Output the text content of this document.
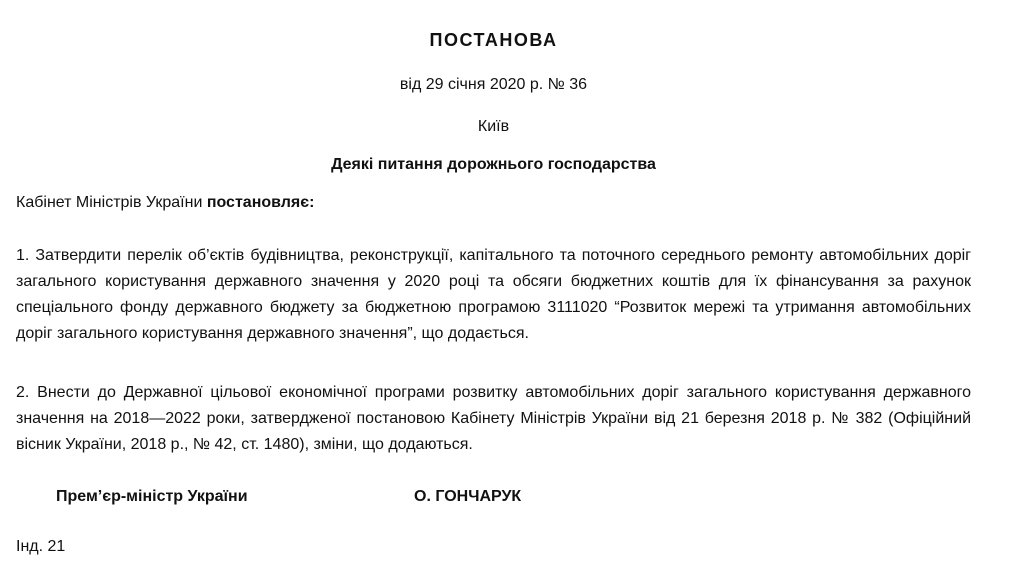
ПОСТАНОВА
від 29 січня 2020 р. № 36
Київ
Деякі питання дорожнього господарства
Кабінет Міністрів України постановляє:
1. Затвердити перелік об’єктів будівництва, реконструкції, капітального та поточного середнього ремонту автомобільних доріг загального користування державного значення у 2020 році та обсяги бюджетних коштів для їх фінансування за рахунок спеціального фонду державного бюджету за бюджетною програмою 3111020 “Розвиток мережі та утримання автомобільних доріг загального користування державного значення”, що додається.
2. Внести до Державної цільової економічної програми розвитку автомобільних доріг загального користування державного значення на 2018—2022 роки, затвердженої постановою Кабінету Міністрів України від 21 березня 2018 р. № 382 (Офіційний вісник України, 2018 р., № 42, ст. 1480), зміни, що додаються.
Прем’єр-міністр України	О. ГОНЧАРУК
Інд. 21
